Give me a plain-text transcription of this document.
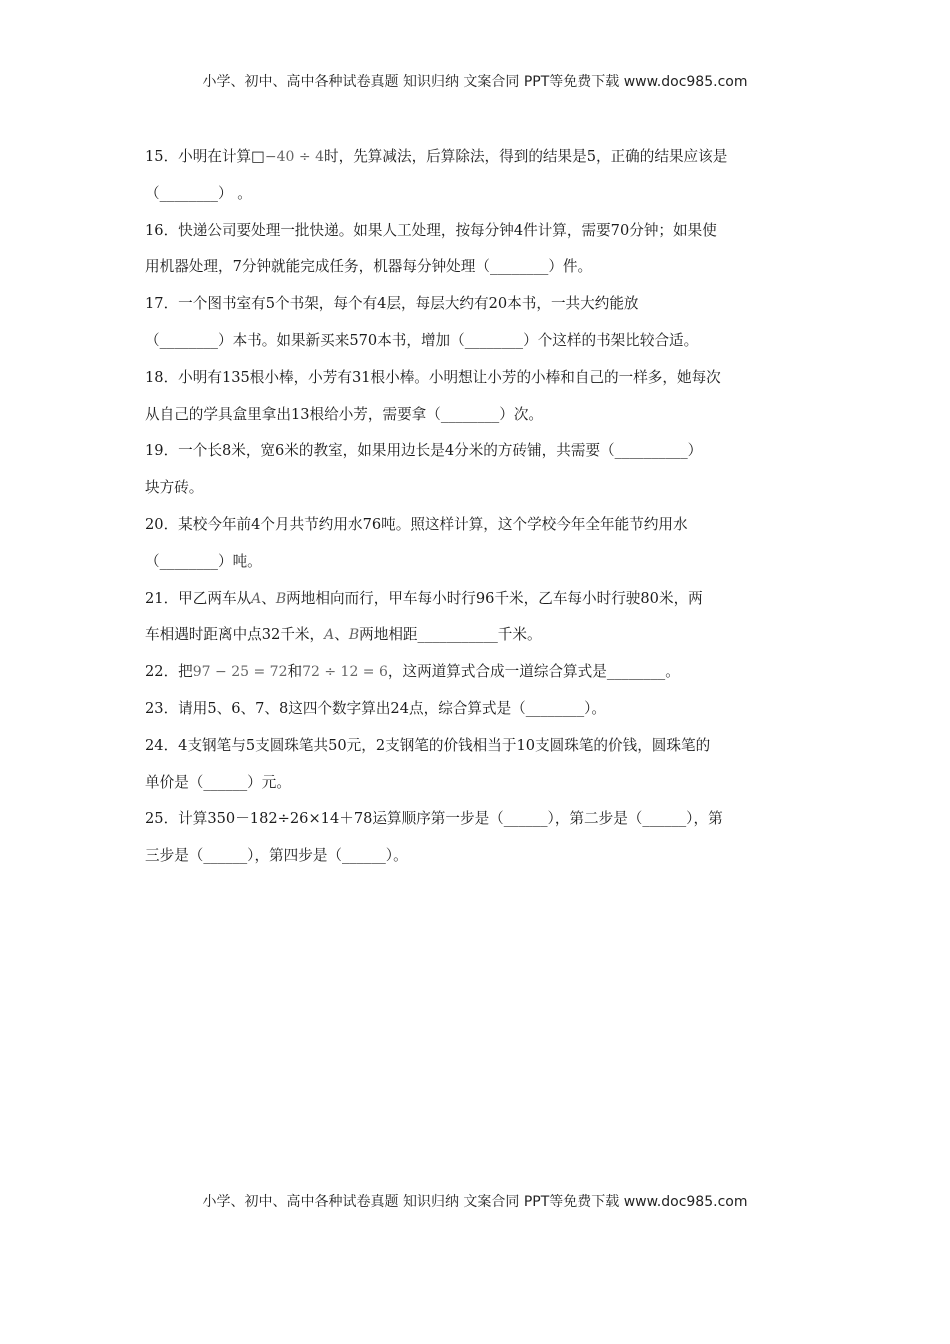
小学、初中、高中各种试卷真题 知识归纳 文案合同 PPT等免费下载 www.doc985.com
15．小明在计算□−40 ÷ 4时，先算减法，后算除法，得到的结果是5，正确的结果应该是
（________） 。
16．快递公司要处理一批快递。如果人工处理，按每分钟4件计算，需要70分钟；如果使
用机器处理，7分钟就能完成任务，机器每分钟处理（________）件。
17．一个图书室有5个书架，每个有4层，每层大约有20本书，一共大约能放
（________）本书。如果新买来570本书，增加（________）个这样的书架比较合适。
18．小明有135根小棒，小芳有31根小棒。小明想让小芳的小棒和自己的一样多，她每次
从自己的学具盒里拿出13根给小芳，需要拿（________）次。
19．一个长8米，宽6米的教室，如果用边长是4分米的方砖铺，共需要（__________）
块方砖。
20．某校今年前4个月共节约用水76吨。照这样计算，这个学校今年全年能节约用水
（________）吨。
21．甲乙两车从A、B两地相向而行，甲车每小时行96千米，乙车每小时行驶80米，两
车相遇时距离中点32千米，A、B两地相距___________千米。
22．把97 − 25 = 72和72 ÷ 12 = 6，这两道算式合成一道综合算式是________。
23．请用5、6、7、8这四个数字算出24点，综合算式是（________）。
24．4支钢笔与5支圆珠笔共50元，2支钢笔的价钱相当于10支圆珠笔的价钱，圆珠笔的
单价是（______）元。
25．计算350－182÷26×14＋78运算顺序第一步是（______），第二步是（______），第
三步是（______），第四步是（______）。
小学、初中、高中各种试卷真题 知识归纳 文案合同 PPT等免费下载 www.doc985.com
